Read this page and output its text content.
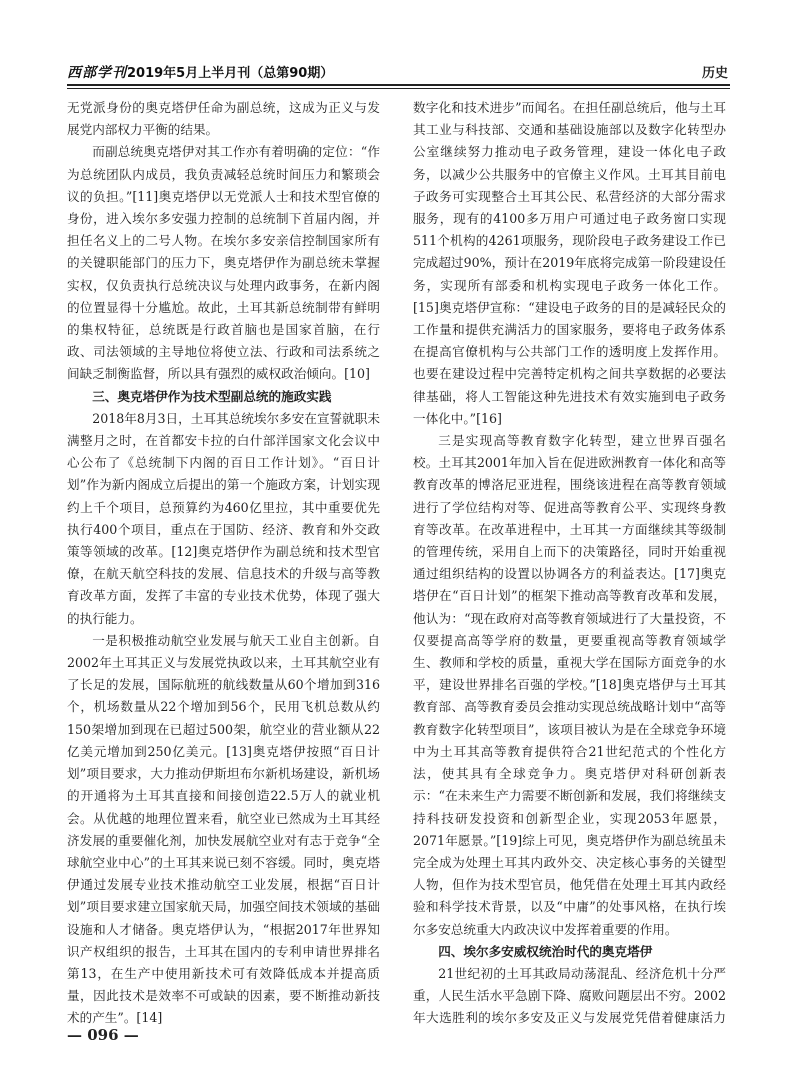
西部学刊2019年5月上半月刊（总第90期）	历史

无党派身份的奥克塔伊任命为副总统，这成为正义与发展党内部权力平衡的结果。

而副总统奥克塔伊对其工作亦有着明确的定位：“作为总统团队内成员，我负责减轻总统时间压力和繁琐会议的负担。”[11]奥克塔伊以无党派人士和技术型官僚的身份，进入埃尔多安强力控制的总统制下首届内阁，并担任名义上的二号人物。在埃尔多安亲信控制国家所有的关键职能部门的压力下，奥克塔伊作为副总统未掌握实权，仅负责执行总统决议与处理内政事务，在新内阁的位置显得十分尴尬。故此，土耳其新总统制带有鲜明的集权特征，总统既是行政首脑也是国家首脑，在行政、司法领域的主导地位将使立法、行政和司法系统之间缺乏制衡监督，所以具有强烈的威权政治倾向。[10]

三、奥克塔伊作为技术型副总统的施政实践

2018年8月3日，土耳其总统埃尔多安在宣誓就职未满整月之时，在首都安卡拉的白什部洋国家文化会议中心公布了《总统制下内阁的百日工作计划》。“百日计划”作为新内阁成立后提出的第一个施政方案，计划实现约上千个项目，总预算约为460亿里拉，其中重要优先执行400个项目，重点在于国防、经济、教育和外交政策等领域的改革。[12]奥克塔伊作为副总统和技术型官僚，在航天航空科技的发展、信息技术的升级与高等教育改革方面，发挥了丰富的专业技术优势，体现了强大的执行能力。

一是积极推动航空业发展与航天工业自主创新。自2002年土耳其正义与发展党执政以来，土耳其航空业有了长足的发展，国际航班的航线数量从60个增加到316个，机场数量从22个增加到56个，民用飞机总数从约150架增加到现在已超过500架，航空业的营业额从22亿美元增加到250亿美元。[13]奥克塔伊按照“百日计划”项目要求，大力推动伊斯坦布尔新机场建设，新机场的开通将为土耳其直接和间接创造22.5万人的就业机会。从优越的地理位置来看，航空业已然成为土耳其经济发展的重要催化剂，加快发展航空业对有志于竞争“全球航空业中心”的土耳其来说已刻不容缓。同时，奥克塔伊通过发展专业技术推动航空工业发展，根据“百日计划”项目要求建立国家航天局，加强空间技术领域的基础设施和人才储备。奥克塔伊认为，“根据2017年世界知识产权组织的报告，土耳其在国内的专利申请世界排名第13，在生产中使用新技术可有效降低成本并提高质量，因此技术是效率不可或缺的因素，要不断推动新技术的产生”。[14]

数字化和技术进步”而闻名。在担任副总统后，他与土耳其工业与科技部、交通和基础设施部以及数字化转型办公室继续努力推动电子政务管理，建设一体化电子政务，以减少公共服务中的官僚主义作风。土耳其目前电子政务可实现整合土耳其公民、私营经济的大部分需求服务，现有的4100多万用户可通过电子政务窗口实现511个机构的4261项服务，现阶段电子政务建设工作已完成超过90%，预计在2019年底将完成第一阶段建设任务，实现所有部委和机构实现电子政务一体化工作。[15]奥克塔伊宣称：“建设电子政务的目的是减轻民众的工作量和提供充满活力的国家服务，要将电子政务体系在提高官僚机构与公共部门工作的透明度上发挥作用。也要在建设过程中完善特定机构之间共享数据的必要法律基础，将人工智能这种先进技术有效实施到电子政务一体化中。”[16]

三是实现高等教育数字化转型，建立世界百强名校。土耳其2001年加入旨在促进欧洲教育一体化和高等教育改革的博洛尼亚进程，围绕该进程在高等教育领域进行了学位结构对等、促进高等教育公平、实现终身教育等改革。在改革进程中，土耳其一方面继续其等级制的管理传统，采用自上而下的决策路径，同时开始重视通过组织结构的设置以协调各方的利益表达。[17]奥克塔伊在“百日计划”的框架下推动高等教育改革和发展，他认为：“现在政府对高等教育领域进行了大量投资，不仅要提高高等学府的数量，更要重视高等教育领域学生、教师和学校的质量，重视大学在国际方面竞争的水平，建设世界排名百强的学校。”[18]奥克塔伊与土耳其教育部、高等教育委员会推动实现总统战略计划中“高等教育数字化转型项目”，该项目被认为是在全球竞争环境中为土耳其高等教育提供符合21世纪范式的个性化方法，使其具有全球竞争力。奥克塔伊对科研创新表示：“在未来生产力需要不断创新和发展，我们将继续支持科技研发投资和创新型企业，实现2053年愿景，2071年愿景。”[19]综上可见，奥克塔伊作为副总统虽未完全成为处理土耳其内政外交、决定核心事务的关键型人物，但作为技术型官员，他凭借在处理土耳其内政经验和科学技术背景，以及“中庸”的处事风格，在执行埃尔多安总统重大内政决议中发挥着重要的作用。

四、埃尔多安威权统治时代的奥克塔伊

21世纪初的土耳其政局动荡混乱、经济危机十分严重，人民生活水平急剧下降、腐败问题层出不穷。2002年大选胜利的埃尔多安及正义与发展党凭借着健康活力

— 096 —
